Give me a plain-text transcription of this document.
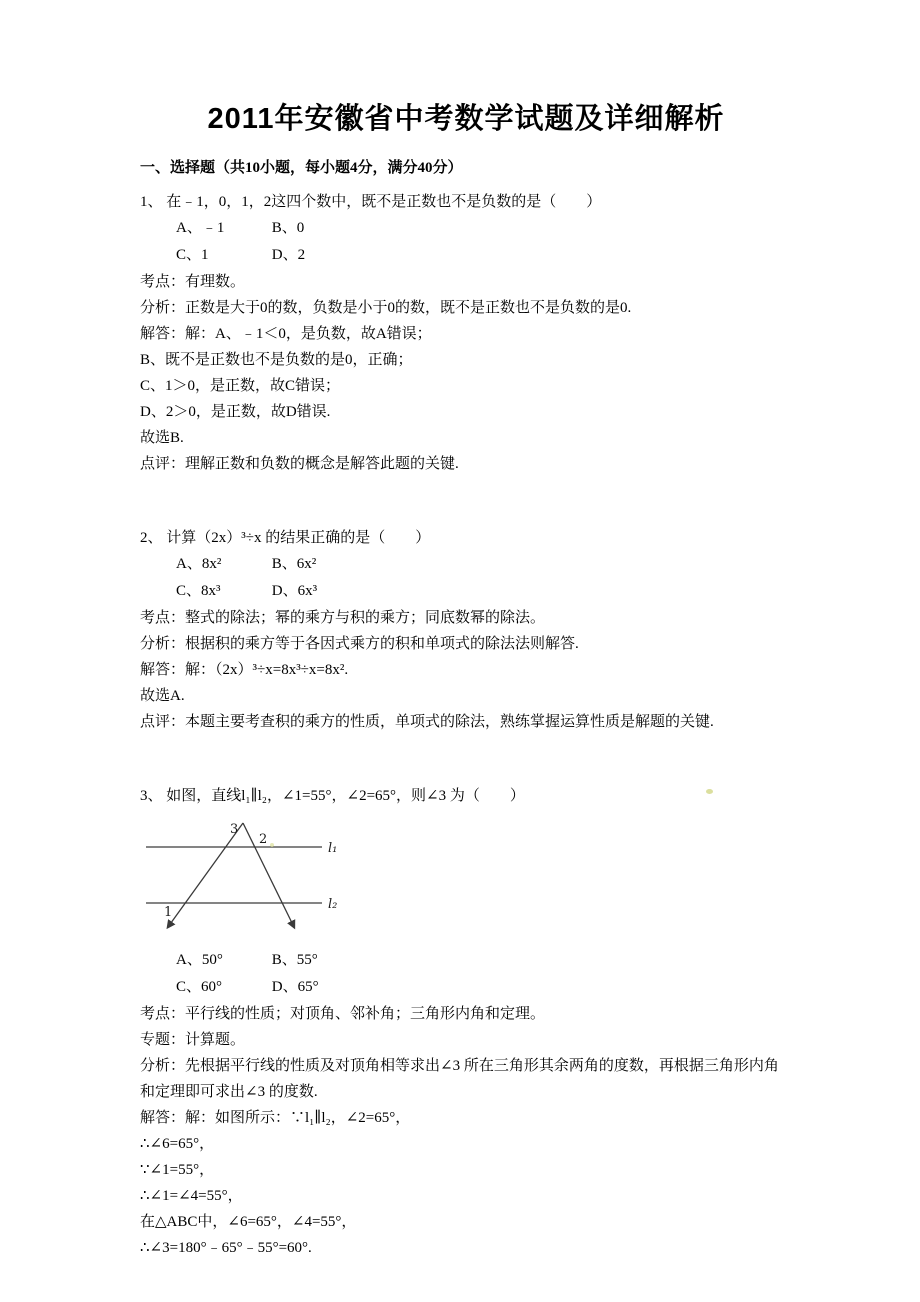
2011年安徽省中考数学试题及详细解析
一、选择题（共10小题，每小题4分，满分40分）
1、 在﹣1，0，1，2这四个数中，既不是正数也不是负数的是（　　）
A、﹣1	B、0
C、1	D、2
考点：有理数。
分析：正数是大于0的数，负数是小于0的数，既不是正数也不是负数的是0.
解答：解：A、﹣1＜0，是负数，故A错误；
B、既不是正数也不是负数的是0，正确；
C、1＞0，是正数，故C错误；
D、2＞0，是正数，故D错误.
故选B.
点评：理解正数和负数的概念是解答此题的关键.
2、 计算（2x）³÷x 的结果正确的是（　　）
A、8x²	B、6x²
C、8x³	D、6x³
考点：整式的除法；幂的乘方与积的乘方；同底数幂的除法。
分析：根据积的乘方等于各因式乘方的积和单项式的除法法则解答.
解答：解：（2x）³÷x=8x³÷x=8x².
故选A.
点评：本题主要考查积的乘方的性质，单项式的除法，熟练掌握运算性质是解题的关键.
3、 如图，直线l₁∥l₂，∠1=55°，∠2=65°，则∠3 为（　　）
3
2
1
l₁
l₂
A、50°	B、55°
C、60°	D、65°
考点：平行线的性质；对顶角、邻补角；三角形内角和定理。
专题：计算题。
分析：先根据平行线的性质及对顶角相等求出∠3 所在三角形其余两角的度数，再根据三角形内角和定理即可求出∠3 的度数.
解答：解：如图所示：∵l₁∥l₂，∠2=65°，
∴∠6=65°，
∵∠1=55°，
∴∠1=∠4=55°，
在△ABC中，∠6=65°，∠4=55°，
∴∠3=180°﹣65°﹣55°=60°.
